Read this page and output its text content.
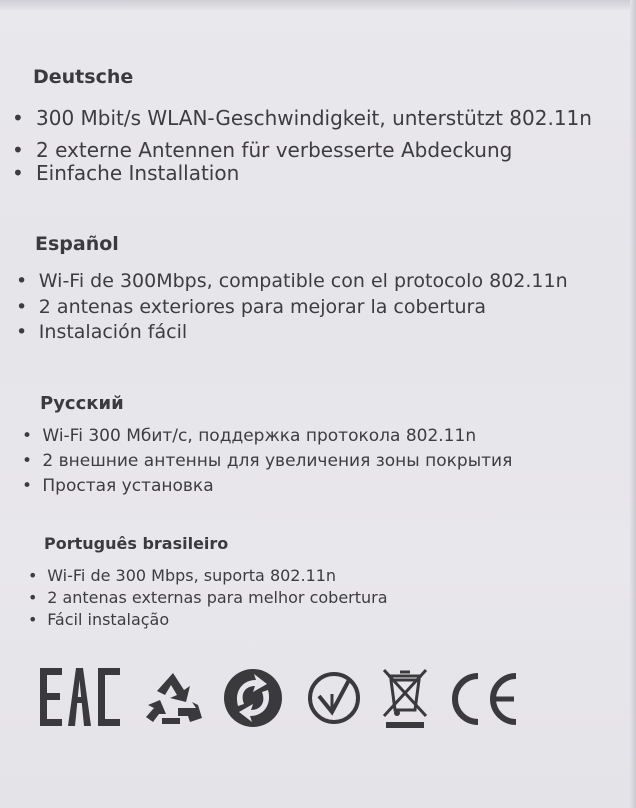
Deutsche
• 300 Mbit/s WLAN-Geschwindigkeit, unterstützt 802.11n
• 2 externe Antennen für verbesserte Abdeckung
• Einfache Installation
Español
• Wi-Fi de 300Mbps, compatible con el protocolo 802.11n
• 2 antenas exteriores para mejorar la cobertura
• Instalación fácil
Русский
• Wi-Fi 300 Мбит/с, поддержка протокола 802.11n
• 2 внешние антенны для увеличения зоны покрытия
• Простая установка
Português brasileiro
• Wi-Fi de 300 Mbps, suporta 802.11n
• 2 antenas externas para melhor cobertura
• Fácil instalação
